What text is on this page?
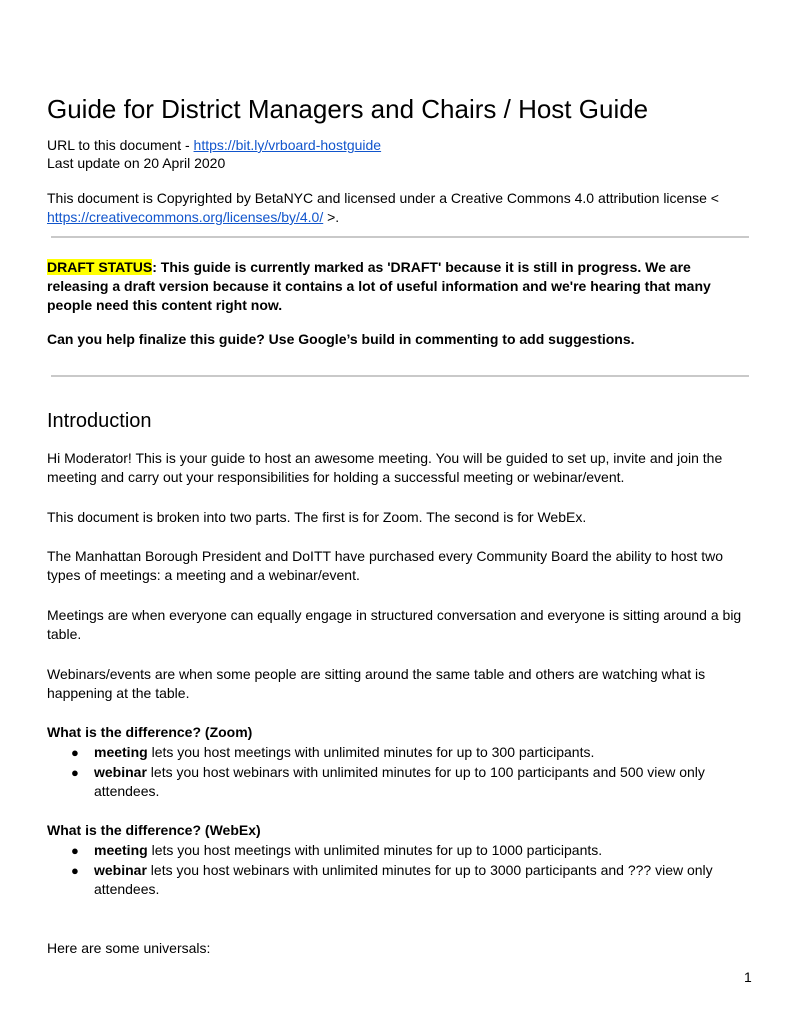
Guide for District Managers and Chairs / Host Guide
URL to this document - https://bit.ly/vrboard-hostguide
Last update on 20 April 2020
This document is Copyrighted by BetaNYC and licensed under a Creative Commons 4.0 attribution license <
https://creativecommons.org/licenses/by/4.0/ >.
DRAFT STATUS: This guide is currently marked as 'DRAFT' because it is still in progress. We are releasing a draft version because it contains a lot of useful information and we're hearing that many people need this content right now.
Can you help finalize this guide? Use Google’s build in commenting to add suggestions.
Introduction
Hi Moderator! This is your guide to host an awesome meeting. You will be guided to set up, invite and join the meeting and carry out your responsibilities for holding a successful meeting or webinar/event.
This document is broken into two parts. The first is for Zoom. The second is for WebEx.
The Manhattan Borough President and DoITT have purchased every Community Board the ability to host two types of meetings: a meeting and a webinar/event.
Meetings are when everyone can equally engage in structured conversation and everyone is sitting around a big table.
Webinars/events are when some people are sitting around the same table and others are watching what is happening at the table.
What is the difference? (Zoom)
● meeting lets you host meetings with unlimited minutes for up to 300 participants.
● webinar lets you host webinars with unlimited minutes for up to 100 participants and 500 view only attendees.
What is the difference? (WebEx)
● meeting lets you host meetings with unlimited minutes for up to 1000 participants.
● webinar lets you host webinars with unlimited minutes for up to 3000 participants and ??? view only attendees.
Here are some universals:
1
